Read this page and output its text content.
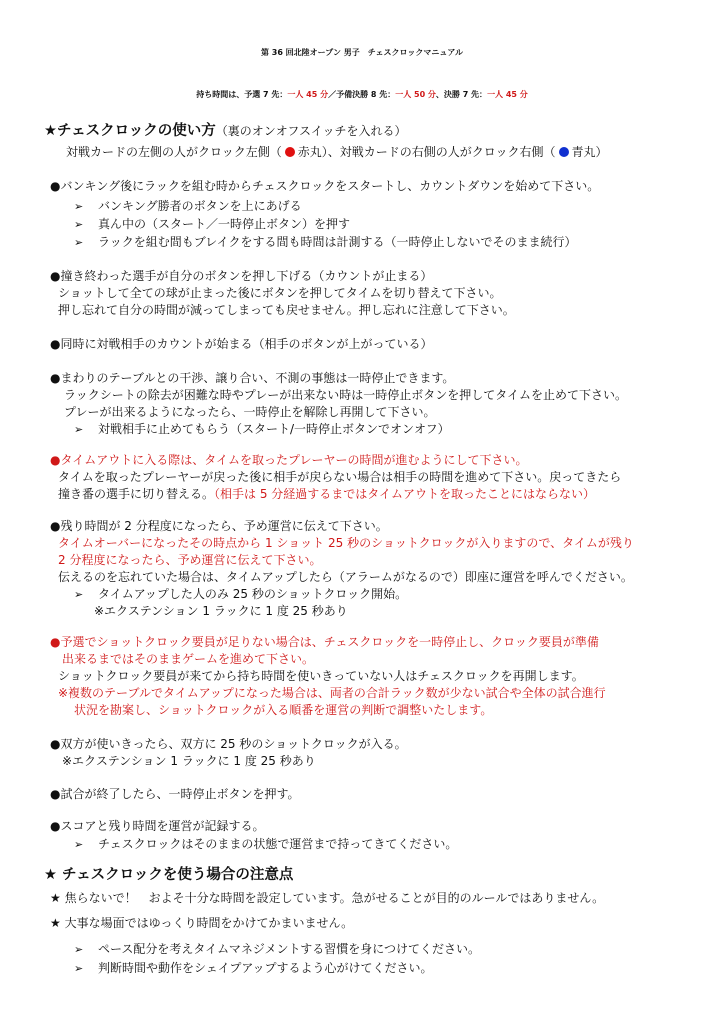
第 36 回北陸オープン 男子　チェスクロックマニュアル
持ち時間は、予選 7 先：一人 45 分／予備決勝 8 先：一人 50 分、決勝 7 先：一人 45 分
★チェスクロックの使い方（裏のオンオフスイッチを入れる）
対戦カードの左側の人がクロック左側（ 赤丸）、対戦カードの右側の人がクロック右側（ 青丸）
●バンキング後にラックを組む時からチェスクロックをスタートし、カウントダウンを始めて下さい。
➢ バンキング勝者のボタンを上にあげる
➢ 真ん中の（スタート／一時停止ボタン）を押す
➢ ラックを組む間もブレイクをする間も時間は計測する（一時停止しないでそのまま続行）
●撞き終わった選手が自分のボタンを押し下げる（カウントが止まる）
ショットして全ての球が止まった後にボタンを押してタイムを切り替えて下さい。
押し忘れて自分の時間が減ってしまっても戻せません。押し忘れに注意して下さい。
●同時に対戦相手のカウントが始まる（相手のボタンが上がっている）
●まわりのテーブルとの干渉、譲り合い、不測の事態は一時停止できます。
ラックシートの除去が困難な時やプレーが出来ない時は一時停止ボタンを押してタイムを止めて下さい。
プレーが出来るようになったら、一時停止を解除し再開して下さい。
➢ 対戦相手に止めてもらう（スタート/一時停止ボタンでオンオフ）
●タイムアウトに入る際は、タイムを取ったプレーヤーの時間が進むようにして下さい。
タイムを取ったプレーヤーが戻った後に相手が戻らない場合は相手の時間を進めて下さい。戻ってきたら
撞き番の選手に切り替える。（相手は 5 分経過するまではタイムアウトを取ったことにはならない）
●残り時間が 2 分程度になったら、予め運営に伝えて下さい。
タイムオーバーになったその時点から 1 ショット 25 秒のショットクロックが入りますので、タイムが残り
2 分程度になったら、予め運営に伝えて下さい。
伝えるのを忘れていた場合は、タイムアップしたら（アラームがなるので）即座に運営を呼んでください。
➢ タイムアップした人のみ 25 秒のショットクロック開始。
※エクステンション 1 ラックに 1 度 25 秒あり
●予選でショットクロック要員が足りない場合は、チェスクロックを一時停止し、クロック要員が準備
出来るまではそのままゲームを進めて下さい。
ショットクロック要員が来てから持ち時間を使いきっていない人はチェスクロックを再開します。
※複数のテーブルでタイムアップになった場合は、両者の合計ラック数が少ない試合や全体の試合進行
状況を勘案し、ショットクロックが入る順番を運営の判断で調整いたします。
●双方が使いきったら、双方に 25 秒のショットクロックが入る。
※エクステンション 1 ラックに 1 度 25 秒あり
●試合が終了したら、一時停止ボタンを押す。
●スコアと残り時間を運営が記録する。
➢ チェスクロックはそのままの状態で運営まで持ってきてください。
★ チェスクロックを使う場合の注意点
★ 焦らないで！　およそ十分な時間を設定しています。急がせることが目的のルールではありません。
★ 大事な場面ではゆっくり時間をかけてかまいません。
➢ ペース配分を考えタイムマネジメントする習慣を身につけてください。
➢ 判断時間や動作をシェイプアップするよう心がけてください。
